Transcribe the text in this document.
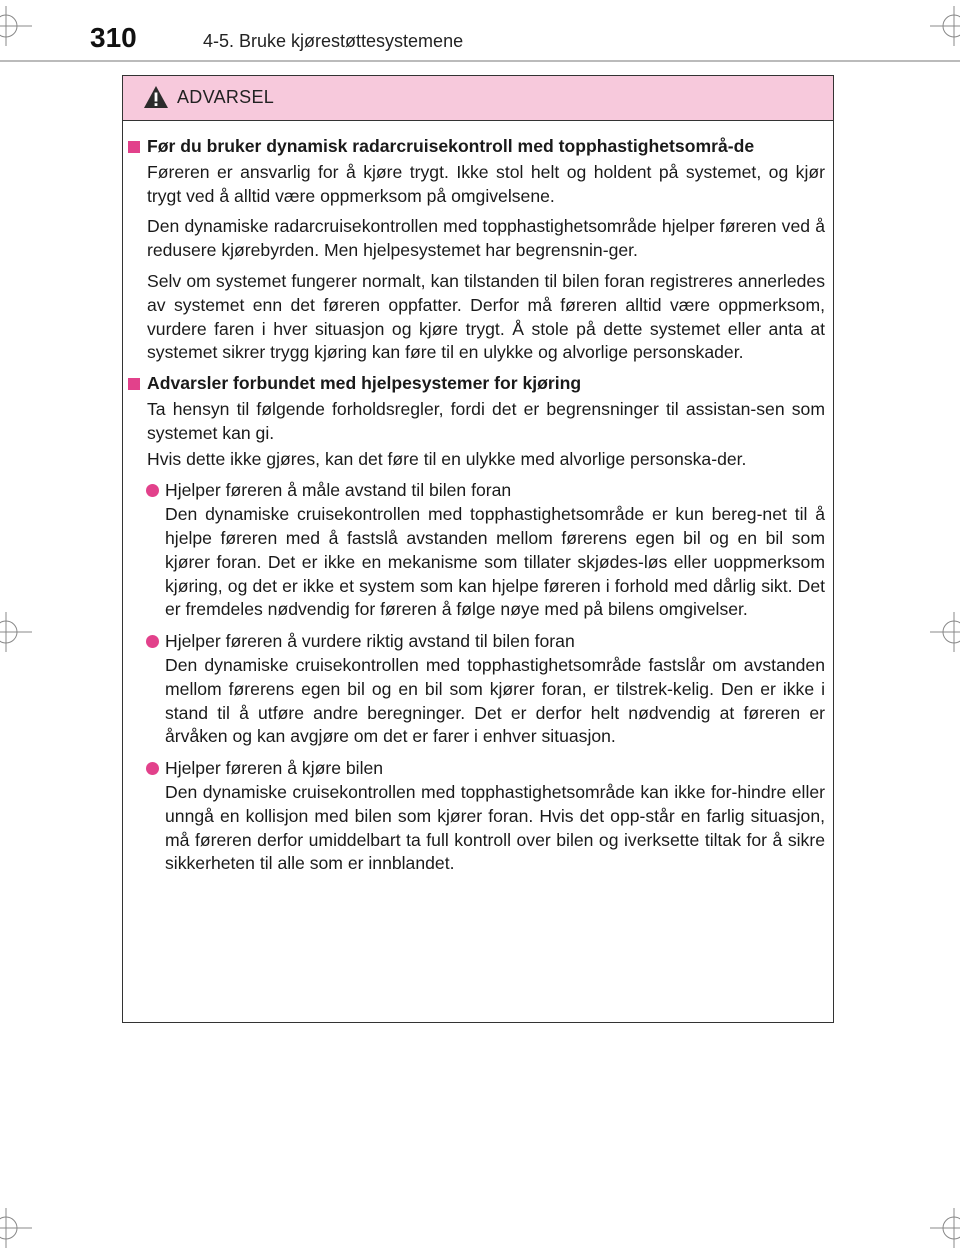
310	4-5. Bruke kjørestøttesystemene
ADVARSEL
Før du bruker dynamisk radarcruisekontroll med topphastighetsområ-de

Føreren er ansvarlig for å kjøre trygt. Ikke stol helt og holdent på systemet, og kjør trygt ved å alltid være oppmerksom på omgivelsene.

Den dynamiske radarcruisekontrollen med topphastighetsområde hjelper føreren ved å redusere kjørebyrden. Men hjelpesystemet har begrensnin-ger.

Selv om systemet fungerer normalt, kan tilstanden til bilen foran registreres annerledes av systemet enn det føreren oppfatter. Derfor må føreren alltid være oppmerksom, vurdere faren i hver situasjon og kjøre trygt. Å stole på dette systemet eller anta at systemet sikrer trygg kjøring kan føre til en ulykke og alvorlige personskader.

Advarsler forbundet med hjelpesystemer for kjøring

Ta hensyn til følgende forholdsregler, fordi det er begrensninger til assistan-sen som systemet kan gi.

Hvis dette ikke gjøres, kan det føre til en ulykke med alvorlige personska-der.

Hjelper føreren å måle avstand til bilen foran
Den dynamiske cruisekontrollen med topphastighetsområde er kun bereg-net til å hjelpe føreren med å fastslå avstanden mellom førerens egen bil og en bil som kjører foran. Det er ikke en mekanisme som tillater skjødes-løs eller uoppmerksom kjøring, og det er ikke et system som kan hjelpe føreren i forhold med dårlig sikt. Det er fremdeles nødvendig for føreren å følge nøye med på bilens omgivelser.
Hjelper føreren å vurdere riktig avstand til bilen foran
Den dynamiske cruisekontrollen med topphastighetsområde fastslår om avstanden mellom førerens egen bil og en bil som kjører foran, er tilstrek-kelig. Den er ikke i stand til å utføre andre beregninger. Det er derfor helt nødvendig at føreren er årvåken og kan avgjøre om det er farer i enhver situasjon.
Hjelper føreren å kjøre bilen
Den dynamiske cruisekontrollen med topphastighetsområde kan ikke for-hindre eller unngå en kollisjon med bilen som kjører foran. Hvis det opp-står en farlig situasjon, må føreren derfor umiddelbart ta full kontroll over bilen og iverksette tiltak for å sikre sikkerheten til alle som er innblandet.
